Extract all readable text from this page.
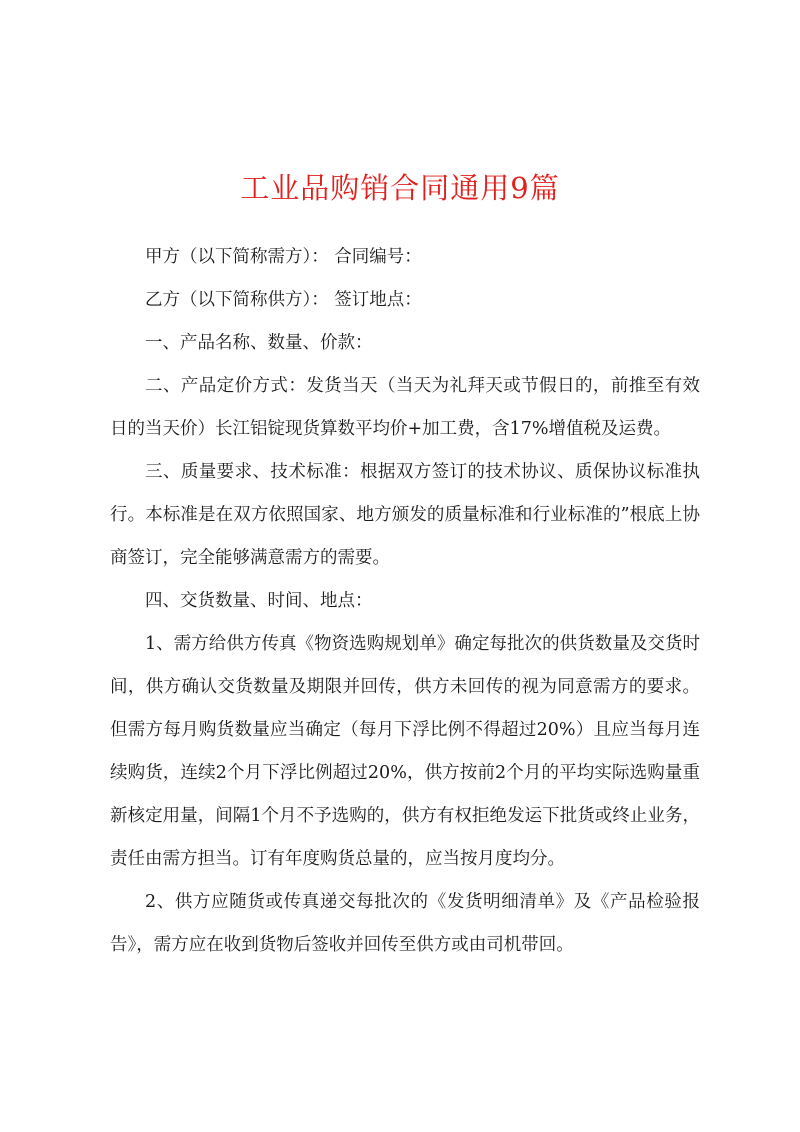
工业品购销合同通用9篇

甲方（以下简称需方）： 合同编号：

乙方（以下简称供方）： 签订地点：

一、产品名称、数量、价款：

二、产品定价方式：发货当天（当天为礼拜天或节假日的，前推至有效日的当天价）长江铝锭现货算数平均价+加工费，含17%增值税及运费。

三、质量要求、技术标准：根据双方签订的技术协议、质保协议标准执行。本标准是在双方依照国家、地方颁发的质量标准和行业标准的”根底上协商签订，完全能够满意需方的需要。

四、交货数量、时间、地点：

1、需方给供方传真《物资选购规划单》确定每批次的供货数量及交货时间，供方确认交货数量及期限并回传，供方未回传的视为同意需方的要求。但需方每月购货数量应当确定（每月下浮比例不得超过20%）且应当每月连续购货，连续2个月下浮比例超过20%，供方按前2个月的平均实际选购量重新核定用量，间隔1个月不予选购的，供方有权拒绝发运下批货或终止业务，责任由需方担当。订有年度购货总量的，应当按月度均分。

2、供方应随货或传真递交每批次的《发货明细清单》及《产品检验报告》，需方应在收到货物后签收并回传至供方或由司机带回。
